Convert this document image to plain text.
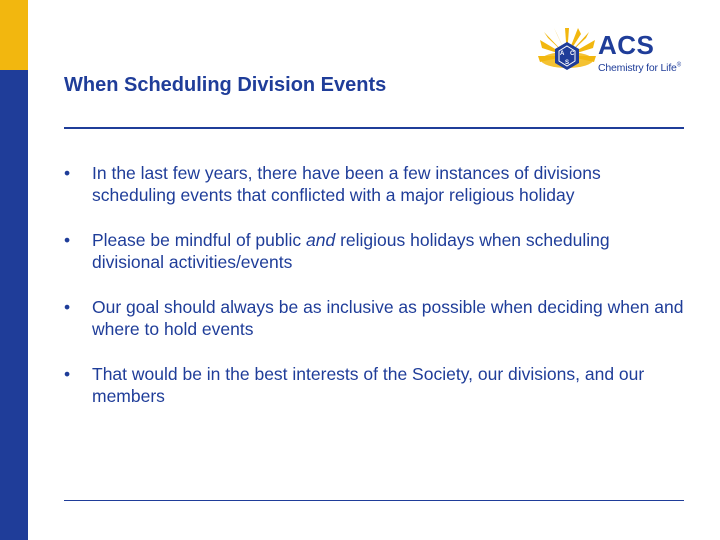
A C
S
ACS
Chemistry for Life®
When Scheduling Division Events
• In the last few years, there have been a few instances of divisions scheduling events that conflicted with a major religious holiday
• Please be mindful of public and religious holidays when scheduling divisional activities/events
• Our goal should always be as inclusive as possible when deciding when and where to hold events
• That would be in the best interests of the Society, our divisions, and our members
